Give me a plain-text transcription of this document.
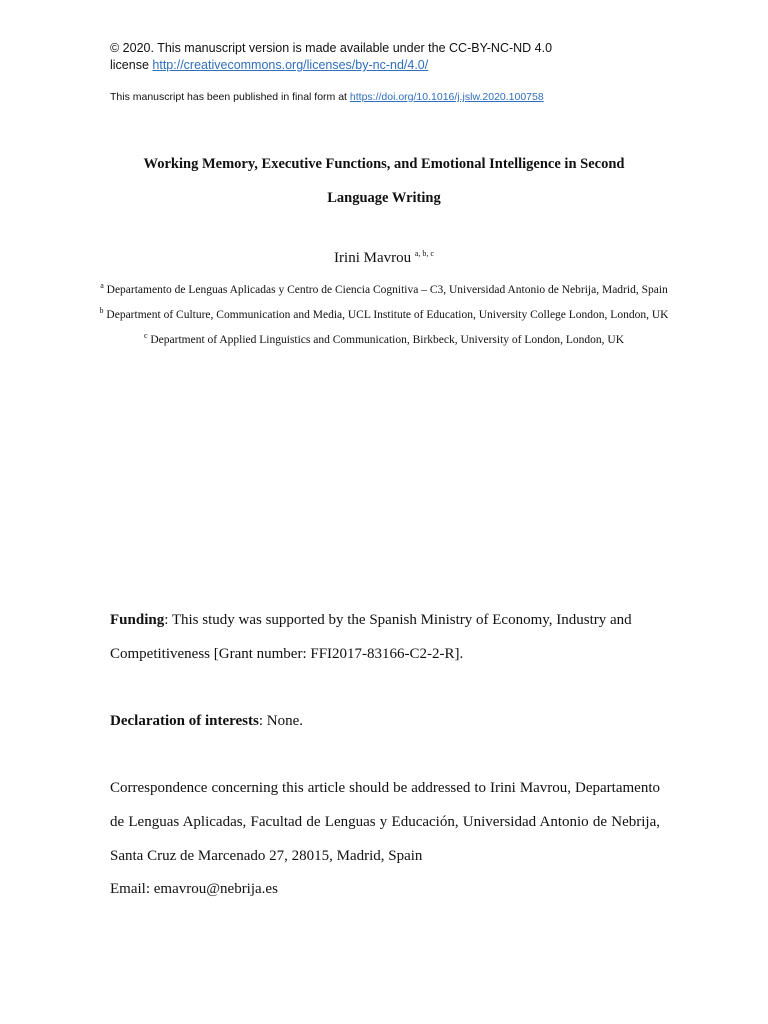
© 2020. This manuscript version is made available under the CC-BY-NC-ND 4.0
license http://creativecommons.org/licenses/by-nc-nd/4.0/
This manuscript has been published in final form at https://doi.org/10.1016/j.jslw.2020.100758
Working Memory, Executive Functions, and Emotional Intelligence in Second
Language Writing
Irini Mavrou $^{a, b, c}$
$^a$ Departamento de Lenguas Aplicadas y Centro de Ciencia Cognitiva – C3, Universidad Antonio de Nebrija, Madrid, Spain
$^b$ Department of Culture, Communication and Media, UCL Institute of Education, University College London, London, UK
$^c$ Department of Applied Linguistics and Communication, Birkbeck, University of London, London, UK
Funding: This study was supported by the Spanish Ministry of Economy, Industry and Competitiveness [Grant number: FFI2017-83166-C2-2-R].
Declaration of interests: None.
Correspondence concerning this article should be addressed to Irini Mavrou, Departamento de Lenguas Aplicadas, Facultad de Lenguas y Educación, Universidad Antonio de Nebrija, Santa Cruz de Marcenado 27, 28015, Madrid, Spain
Email: emavrou@nebrija.es
